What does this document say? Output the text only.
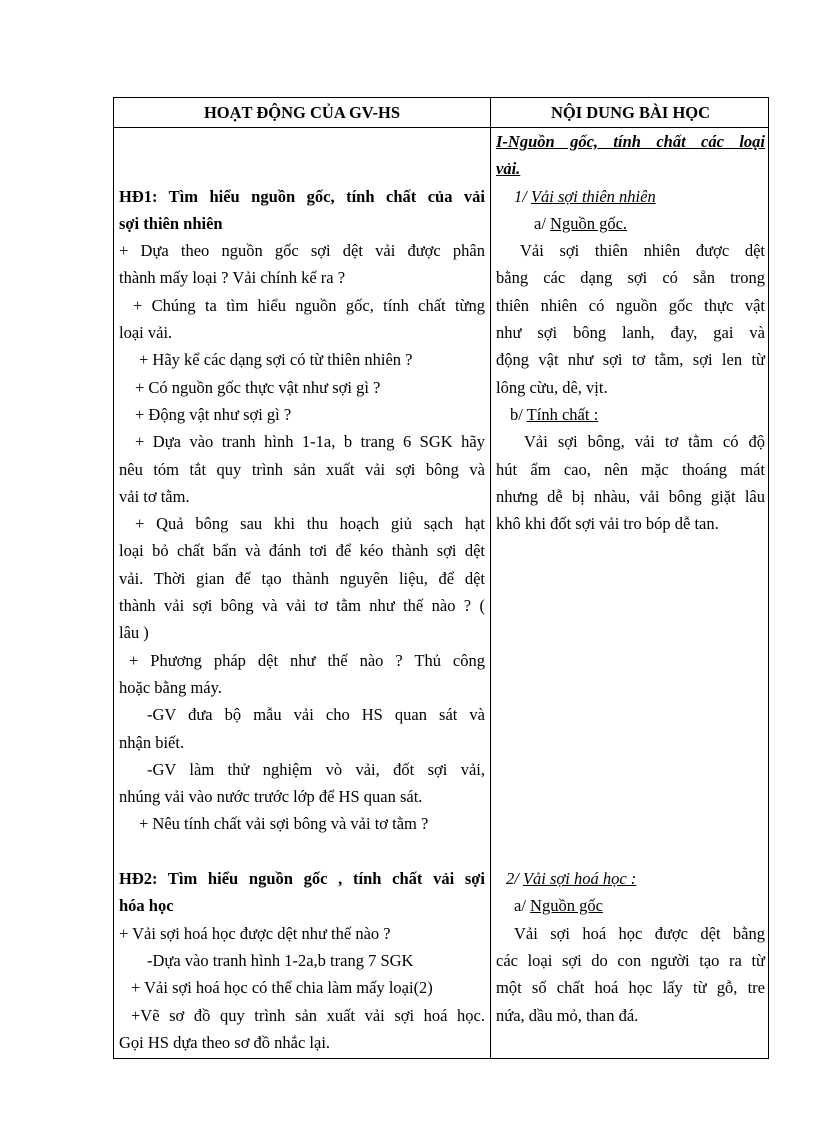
HOẠT ĐỘNG CỦA GV-HS	NỘI DUNG BÀI HỌC
HĐ1: Tìm hiểu nguồn gốc, tính chất của vải
sợi thiên nhiên
+ Dựa theo nguồn gốc sợi dệt vải được phân
thành mấy loại ? Vải chính kể ra ?
+ Chúng ta tìm hiểu nguồn gốc, tính chất từng
loại vải.
+ Hãy kể các dạng sợi có từ thiên nhiên ?
+ Có nguồn gốc thực vật như sợi gì ?
+ Động vật như sợi gì ?
+ Dựa vào tranh hình 1-1a, b trang 6 SGK hãy
nêu tóm tắt quy trình sản xuất vải sợi bông và
vải tơ tằm.
+ Quả bông sau khi thu hoạch giủ sạch hạt
loại bỏ chất bẩn và đánh tơi để kéo thành sợi dệt
vải. Thời gian để tạo thành nguyên liệu, để dệt
thành vải sợi bông và vải tơ tằm như thế nào ? (
lâu )
+ Phương pháp dệt như thế nào ? Thủ công
hoặc bằng máy.
-GV đưa bộ mẫu vải cho HS quan sát và
nhận biết.
-GV làm thử nghiệm vò vải, đốt sợi vải,
nhúng vải vào nước trước lớp để HS quan sát.
+ Nêu tính chất vải sợi bông và vải tơ tằm ?
HĐ2: Tìm hiểu nguồn gốc , tính chất vải sợi
hóa học
+ Vải sợi hoá học được dệt như thế nào ?
-Dựa vào tranh hình 1-2a,b trang 7 SGK
+ Vải sợi hoá học có thể chia làm mấy loại(2)
+Vẽ sơ đồ quy trình sản xuất vải sợi hoá học.
Gọi HS dựa theo sơ đồ nhắc lại.
I-Nguồn gốc, tính chất các loại
vải.
1/ Vải sợi thiên nhiên
a/ Nguồn gốc.
Vải sợi thiên nhiên được dệt
bằng các dạng sợi có sẵn trong
thiên nhiên có nguồn gốc thực vật
như sợi bông lanh, đay, gai và
động vật như sợi tơ tằm, sợi len từ
lông cừu, dê, vịt.
b/ Tính chất :
Vải sợi bông, vải tơ tằm có độ
hút ẩm cao, nên mặc thoáng mát
nhưng dễ bị nhàu, vải bông giặt lâu
khô khi đốt sợi vải tro bóp dễ tan.
2/ Vải sợi hoá học :
a/ Nguồn gốc
Vải sợi hoá học được dệt bằng
các loại sợi do con người tạo ra từ
một số chất hoá học lấy từ gỗ, tre
nứa, dầu mỏ, than đá.
